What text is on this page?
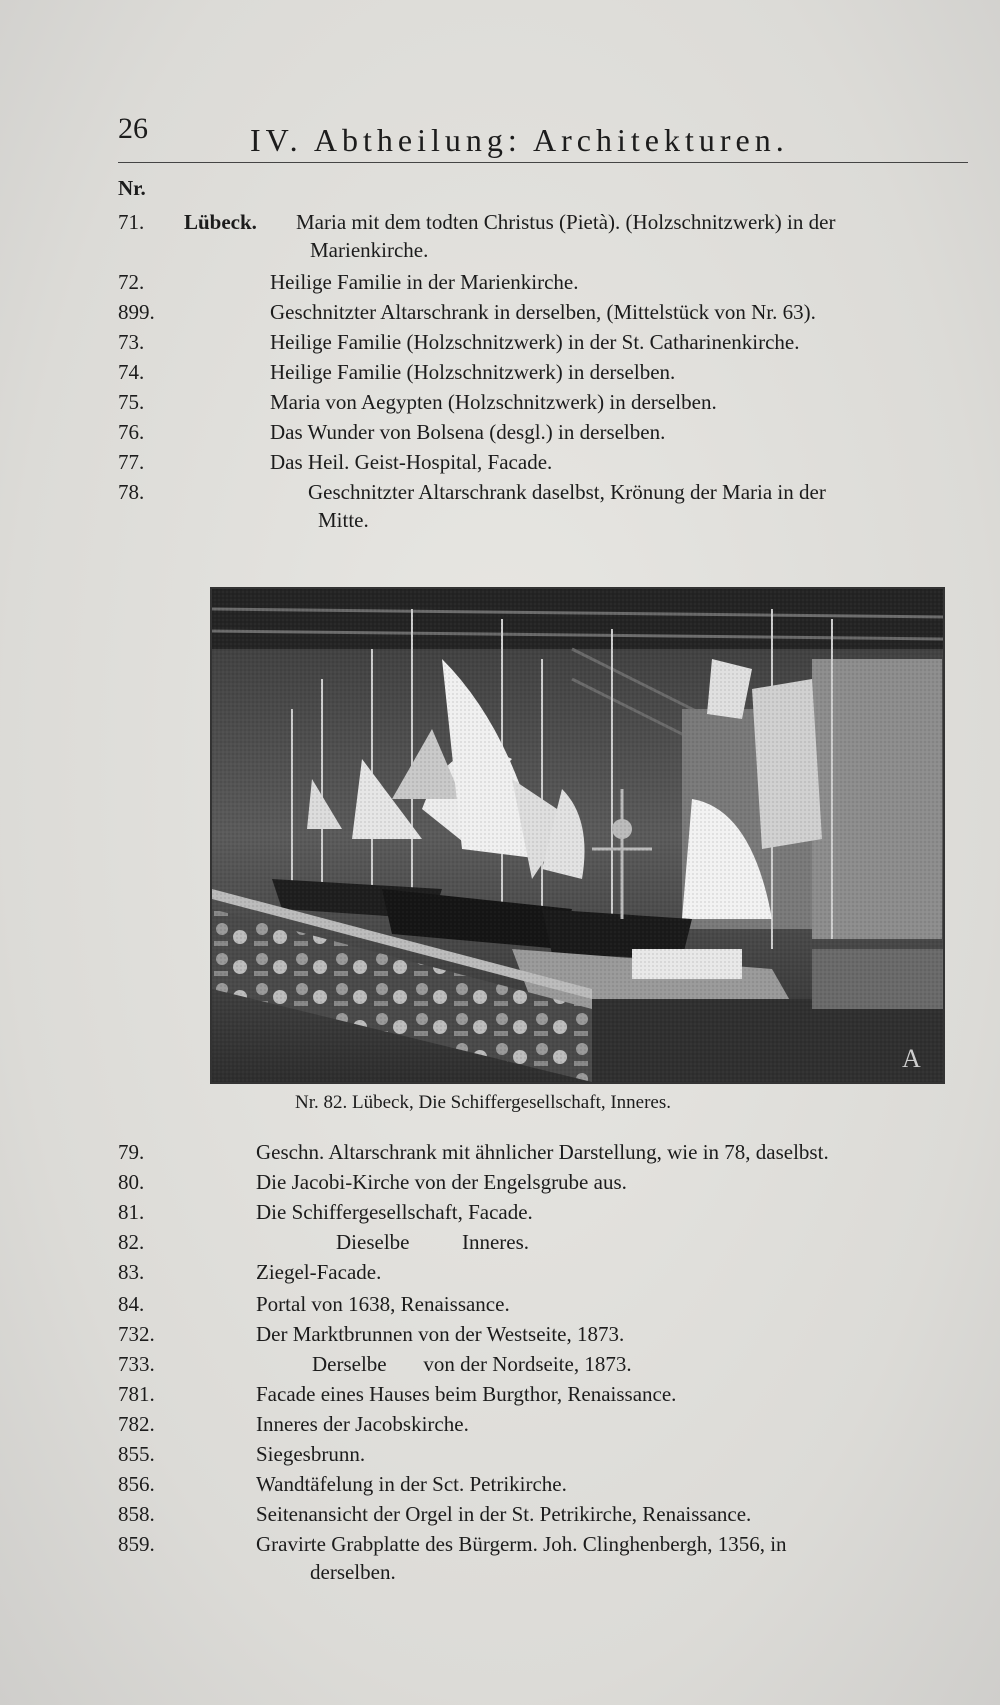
26	IV. Abtheilung: Architekturen.
Nr.
71.	Lübeck. Maria mit dem todten Christus (Pietà). (Holzschnitzwerk) in der
Marienkirche.
72.	Heilige Familie in der Marienkirche.
899.	Geschnitzter Altarschrank in derselben, (Mittelstück von Nr. 63).
73.	Heilige Familie (Holzschnitzwerk) in der St. Catharinenkirche.
74.	Heilige Familie (Holzschnitzwerk) in derselben.
75.	Maria von Aegypten (Holzschnitzwerk) in derselben.
76.	Das Wunder von Bolsena (desgl.) in derselben.
77.	Das Heil. Geist-Hospital, Facade.
78.	Geschnitzter Altarschrank daselbst, Krönung der Maria in der
Mitte.
A
Nr. 82. Lübeck, Die Schiffergesellschaft, Inneres.
79.	Geschn. Altarschrank mit ähnlicher Darstellung, wie in 78, daselbst.
80.	Die Jacobi-Kirche von der Engelsgrube aus.
81.	Die Schiffergesellschaft, Facade.
82.	Dieselbe          Inneres.
83.	Ziegel-Facade.
84.	Portal von 1638, Renaissance.
732.	Der Marktbrunnen von der Westseite, 1873.
733.	Derselbe       von der Nordseite, 1873.
781.	Facade eines Hauses beim Burgthor, Renaissance.
782.	Inneres der Jacobskirche.
855.	Siegesbrunn.
856.	Wandtäfelung in der Sct. Petrikirche.
858.	Seitenansicht der Orgel in der St. Petrikirche, Renaissance.
859.	Gravirte Grabplatte des Bürgerm. Joh. Clinghenbergh, 1356, in
derselben.
